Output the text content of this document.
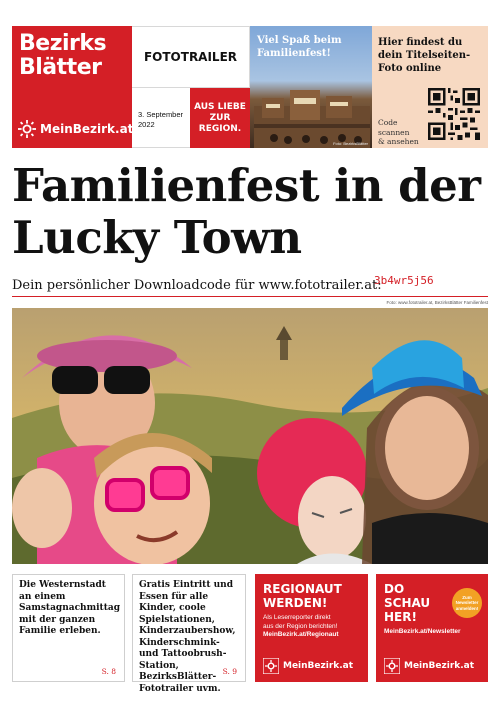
Bezirks
Blätter
MeinBezirk.at
FOTOTRAILER
3. September 2022
AUS LIEBE ZUR REGION.
Viel Spaß beim
Familienfest!
Foto: BezirksBlätter
Hier findest du
dein Titelseiten-
Foto online
Code
scannen
& ansehen
Familienfest in der
Lucky Town
Dein persönlicher Downloadcode für www.fototrailer.at:
3b4wr5j56
Foto: www.fototrailer.at, BezirksBlätter Familienfest
Die Westernstadt an einem Samstagnachmittag mit der ganzen Familie erleben.
S. 8
Gratis Eintritt und Essen für alle Kinder, coole Spielstationen, Kinderzaubershow, Kinderschmink- und Tattoobrush-Station, BezirksBlätter-Fototrailer uvm.
S. 9
REGIONAUT
WERDEN!
Als Leserreporter direkt
aus der Region berichten!
MeinBezirk.at/Regionaut
MeinBezirk.at
DO
SCHAU
HER!
Zum Newsletter anmelden!
MeinBezirk.at/Newsletter
MeinBezirk.at
